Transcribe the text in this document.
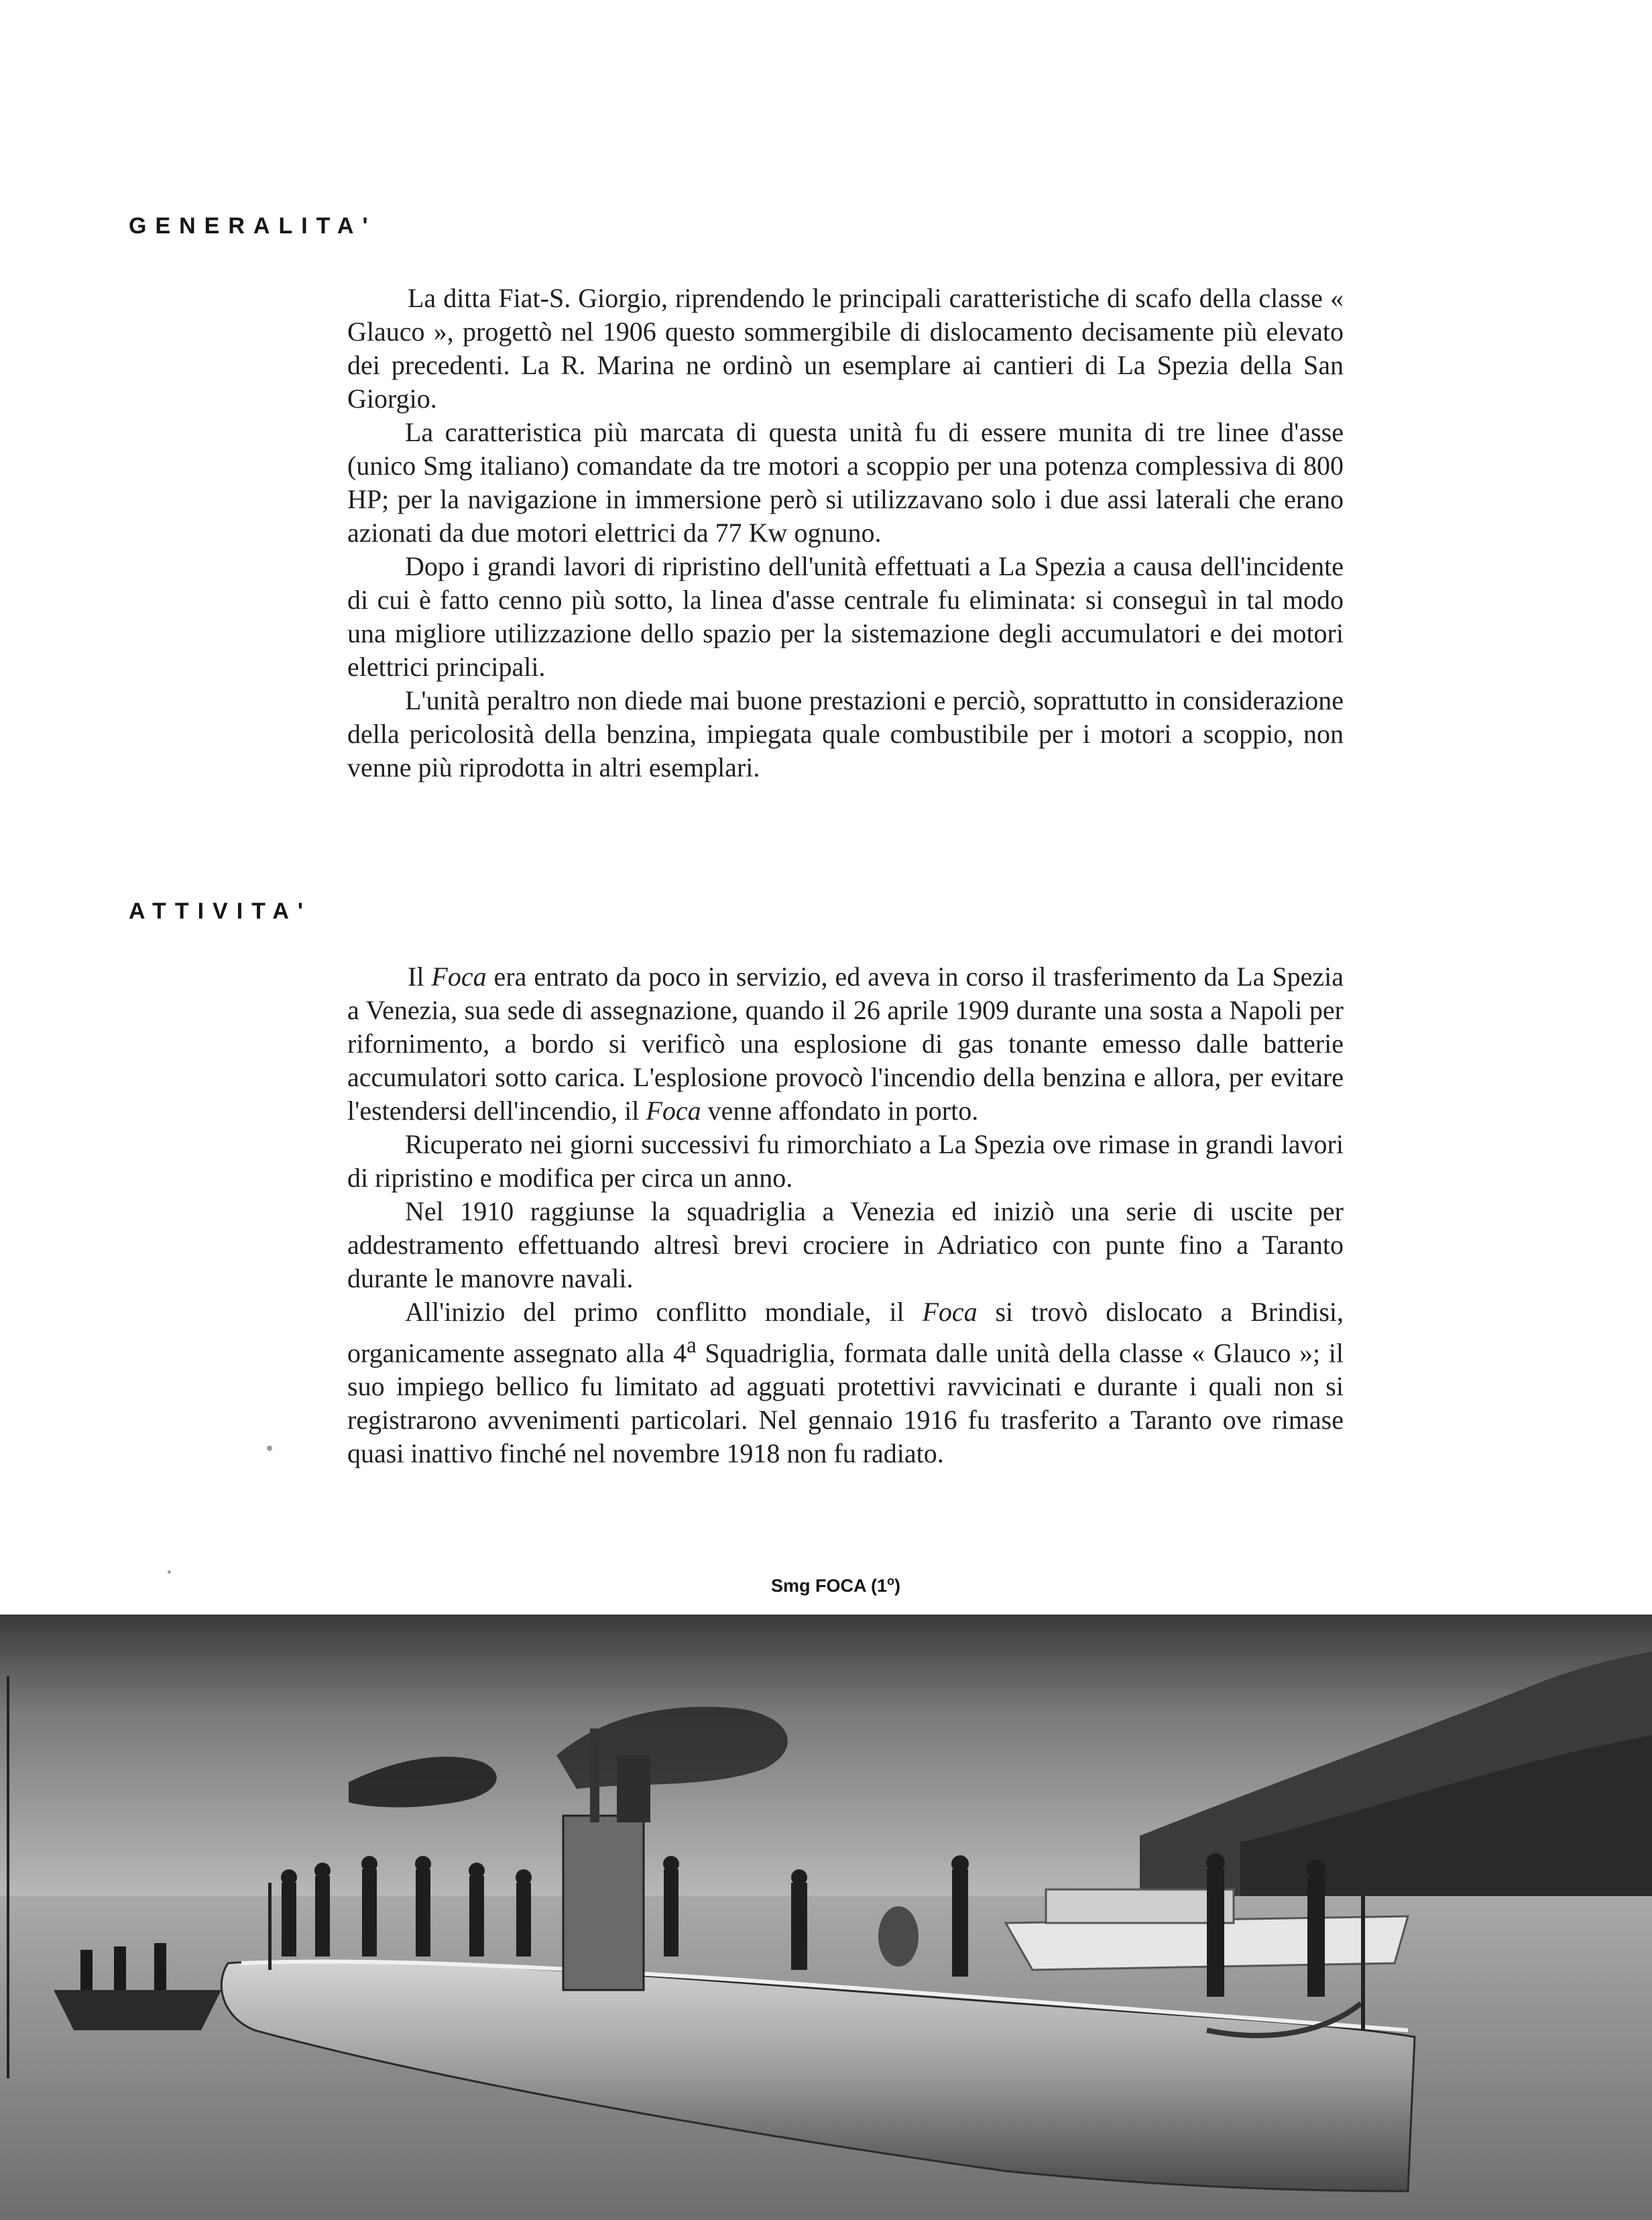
GENERALITA'

La ditta Fiat-S. Giorgio, riprendendo le principali caratteristiche di scafo della classe « Glauco », progettò nel 1906 questo sommergibile di dislocamento decisamente più elevato dei precedenti. La R. Marina ne ordinò un esemplare ai cantieri di La Spezia della San Giorgio.

La caratteristica più marcata di questa unità fu di essere munita di tre linee d'asse (unico Smg italiano) comandate da tre motori a scoppio per una potenza complessiva di 800 HP; per la navigazione in immersione però si utilizzavano solo i due assi laterali che erano azionati da due motori elettrici da 77 Kw ognuno.

Dopo i grandi lavori di ripristino dell'unità effettuati a La Spezia a causa dell'incidente di cui è fatto cenno più sotto, la linea d'asse centrale fu eliminata: si conseguì in tal modo una migliore utilizzazione dello spazio per la sistemazione degli accumulatori e dei motori elettrici principali.

L'unità peraltro non diede mai buone prestazioni e perciò, soprattutto in considerazione della pericolosità della benzina, impiegata quale combustibile per i motori a scoppio, non venne più riprodotta in altri esemplari.

ATTIVITA'

Il Foca era entrato da poco in servizio, ed aveva in corso il trasferimento da La Spezia a Venezia, sua sede di assegnazione, quando il 26 aprile 1909 durante una sosta a Napoli per rifornimento, a bordo si verificò una esplosione di gas tonante emesso dalle batterie accumulatori sotto carica. L'esplosione provocò l'incendio della benzina e allora, per evitare l'estendersi dell'incendio, il Foca venne affondato in porto.

Ricuperato nei giorni successivi fu rimorchiato a La Spezia ove rimase in grandi lavori di ripristino e modifica per circa un anno.

Nel 1910 raggiunse la squadriglia a Venezia ed iniziò una serie di uscite per addestramento effettuando altresì brevi crociere in Adriatico con punte fino a Taranto durante le manovre navali.

All'inizio del primo conflitto mondiale, il Foca si trovò dislocato a Brindisi, organicamente assegnato alla 4$^a$ Squadriglia, formata dalle unità della classe « Glauco »; il suo impiego bellico fu limitato ad agguati protettivi ravvicinati e durante i quali non si registrarono avvenimenti particolari. Nel gennaio 1916 fu trasferito a Taranto ove rimase quasi inattivo finché nel novembre 1918 non fu radiato.

Smg FOCA (1$^o$)
